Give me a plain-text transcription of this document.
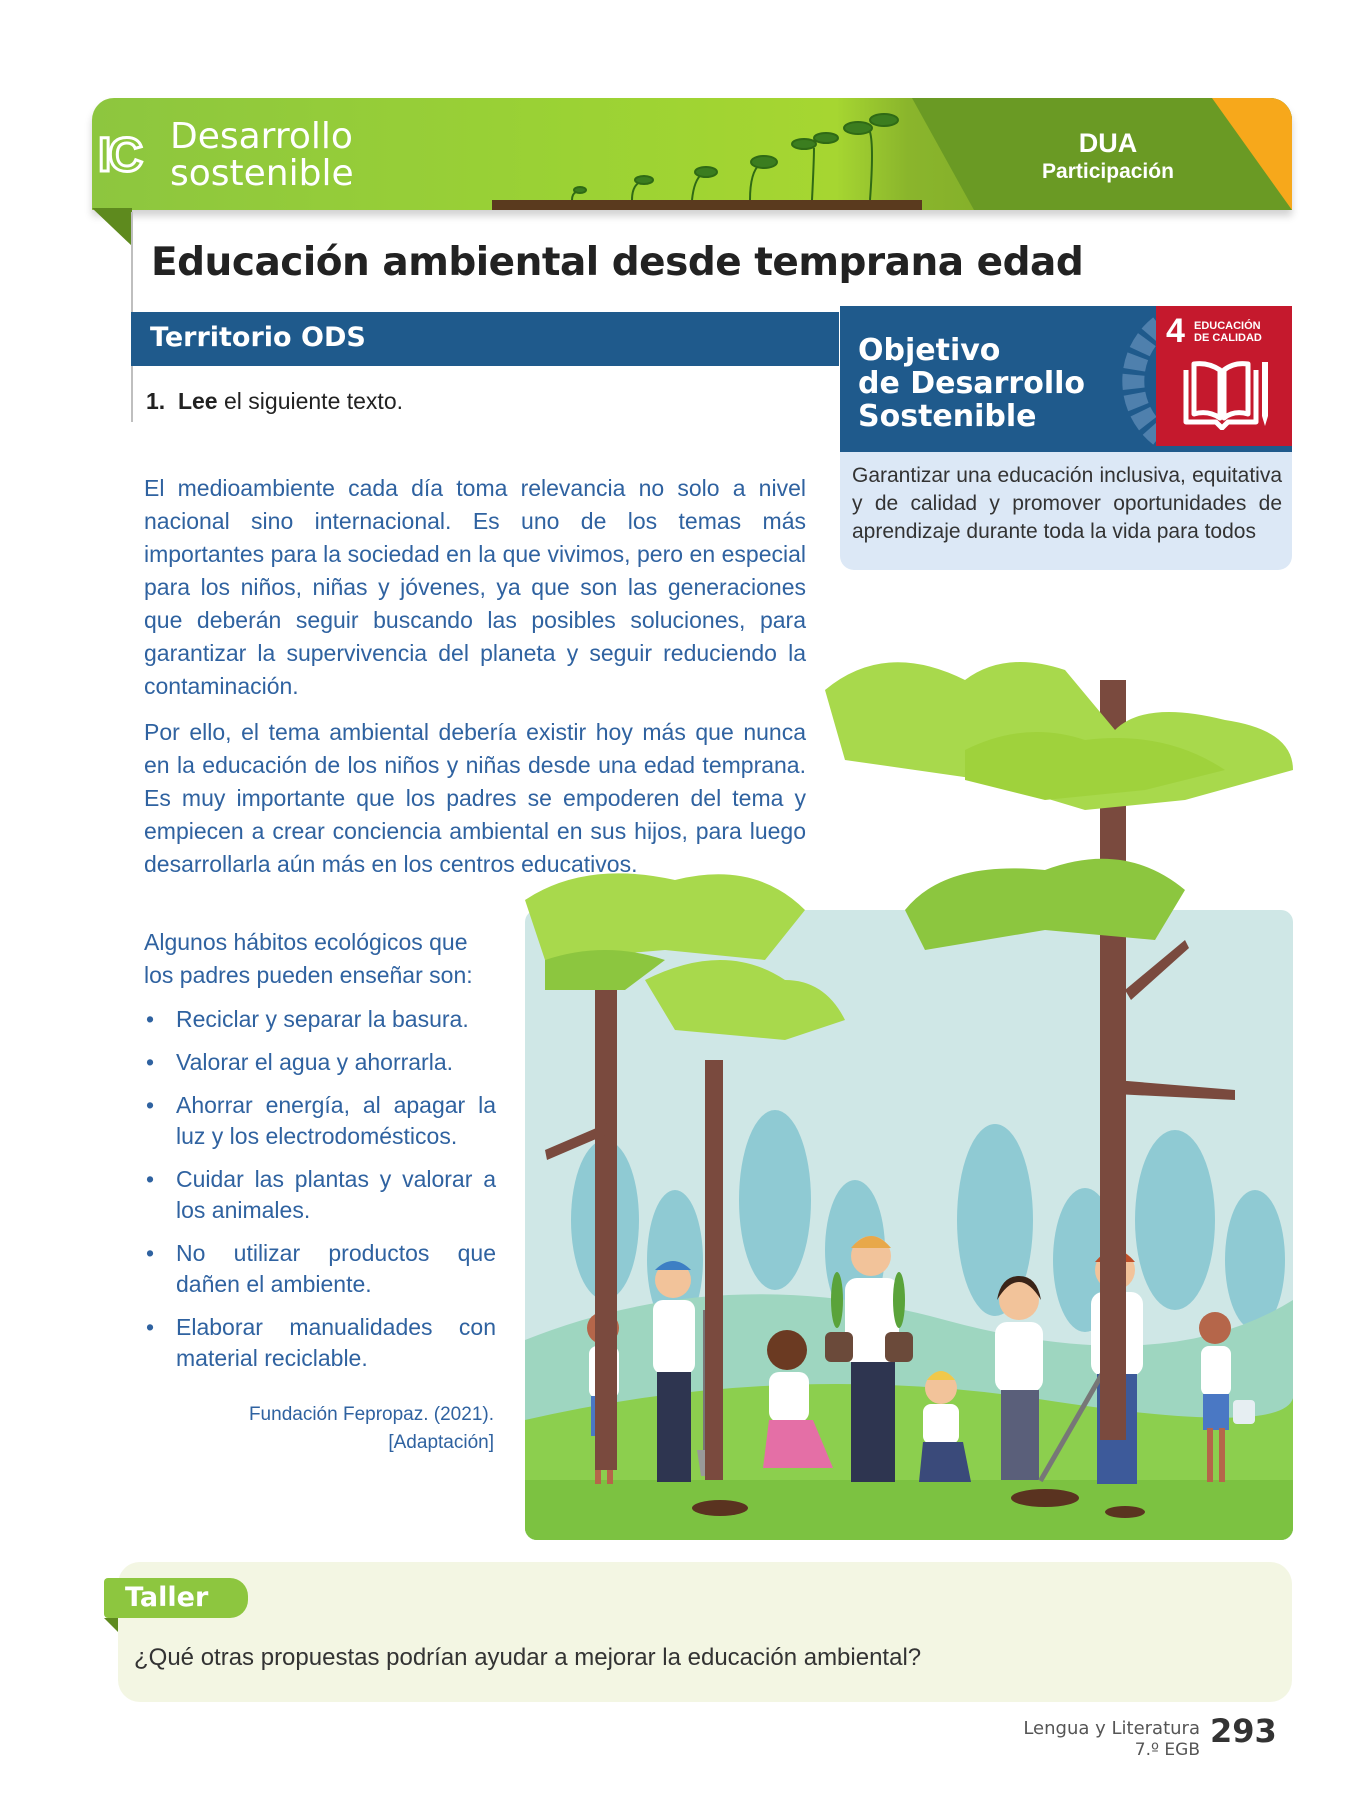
IC Desarrollo
sostenible
DUA
Participación
Educación ambiental desde temprana edad
Territorio ODS
1. Lee el siguiente texto.
Objetivo
de Desarrollo
Sostenible
4 EDUCACIÓN
DE CALIDAD
Garantizar una educación inclusiva, equitativa y de calidad y promover oportunidades de aprendizaje durante toda la vida para todos
El medioambiente cada día toma relevancia no solo a nivel nacional sino internacional. Es uno de los temas más importantes para la sociedad en la que vivimos, pero en especial para los niños, niñas y jóvenes, ya que son las generaciones que deberán seguir buscando las posibles soluciones, para garantizar la supervivencia del planeta y seguir reduciendo la contaminación.
Por ello, el tema ambiental debería existir hoy más que nunca en la educación de los niños y niñas desde una edad temprana. Es muy importante que los padres se empoderen del tema y empiecen a crear conciencia ambiental en sus hijos, para luego desarrollarla aún más en los centros educativos.
Algunos hábitos ecológicos que los padres pueden enseñar son:
• Reciclar y separar la basura.
• Valorar el agua y ahorrarla.
• Ahorrar energía, al apagar la luz y los electrodomésticos.
• Cuidar las plantas y valorar a los animales.
• No utilizar productos que dañen el ambiente.
• Elaborar manualidades con material reciclable.
Fundación Fepropaz. (2021).
[Adaptación]
Taller
¿Qué otras propuestas podrían ayudar a mejorar la educación ambiental?
Lengua y Literatura
7.º EGB 293
